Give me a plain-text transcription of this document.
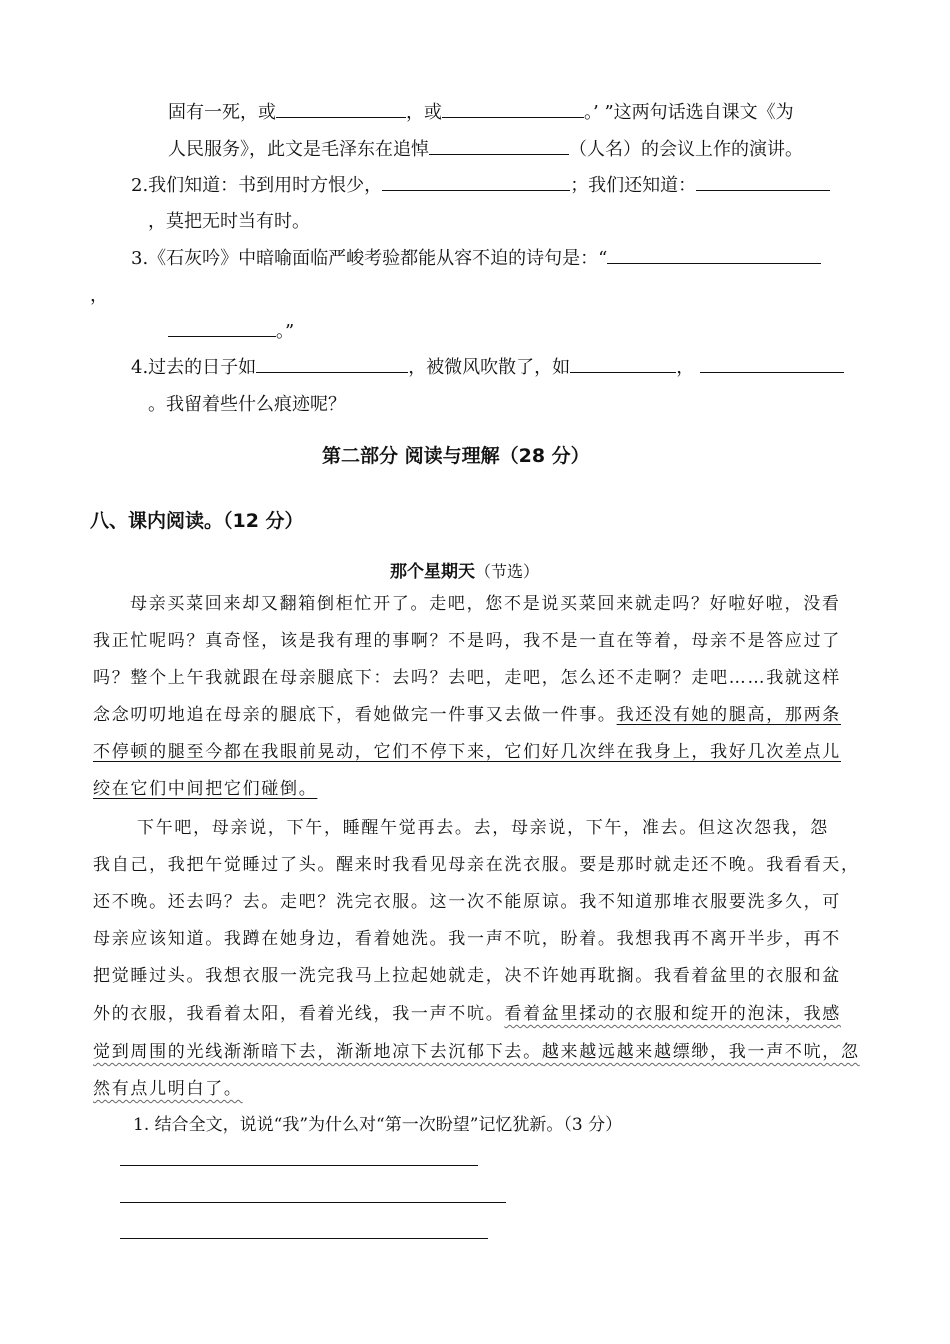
固有一死，或	，或	。’ ”这两句话选自课文《为
人民服务》，此文是毛泽东在追悼	（人名）的会议上作的演讲。
2.我们知道：书到用时方恨少，	；我们还知道：
，莫把无时当有时。
3.《石灰吟》中暗喻面临严峻考验都能从容不迫的诗句是：“
，
。”
4.过去的日子如	，被微风吹散了，如	，
。我留着些什么痕迹呢？
第二部分 阅读与理解（28 分）
八、课内阅读。（12 分）
那个星期天（节选）
母亲买菜回来却又翻箱倒柜忙开了。走吧，您不是说买菜回来就走吗？好啦好啦，没看
我正忙呢吗？真奇怪，该是我有理的事啊？不是吗，我不是一直在等着，母亲不是答应过了
吗？整个上午我就跟在母亲腿底下：去吗？去吧，走吧，怎么还不走啊？走吧……我就这样
念念叨叨地追在母亲的腿底下，看她做完一件事又去做一件事。我还没有她的腿高，那两条
不停顿的腿至今都在我眼前晃动，它们不停下来，它们好几次绊在我身上，我好几次差点儿
绞在它们中间把它们碰倒。
下午吧，母亲说，下午，睡醒午觉再去。去，母亲说，下午，准去。但这次怨我，怨
我自己，我把午觉睡过了头。醒来时我看见母亲在洗衣服。要是那时就走还不晚。我看看天，
还不晚。还去吗？去。走吧？洗完衣服。这一次不能原谅。我不知道那堆衣服要洗多久，可
母亲应该知道。我蹲在她身边，看着她洗。我一声不吭，盼着。我想我再不离开半步，再不
把觉睡过头。我想衣服一洗完我马上拉起她就走，决不许她再耽搁。我看着盆里的衣服和盆
外的衣服，我看着太阳，看着光线，我一声不吭。看着盆里揉动的衣服和绽开的泡沫，我感
觉到周围的光线渐渐暗下去，渐渐地凉下去沉郁下去。越来越远越来越缥缈，我一声不吭，忽
然有点儿明白了。
1. 结合全文，说说“我”为什么对“第一次盼望”记忆犹新。（3 分）
